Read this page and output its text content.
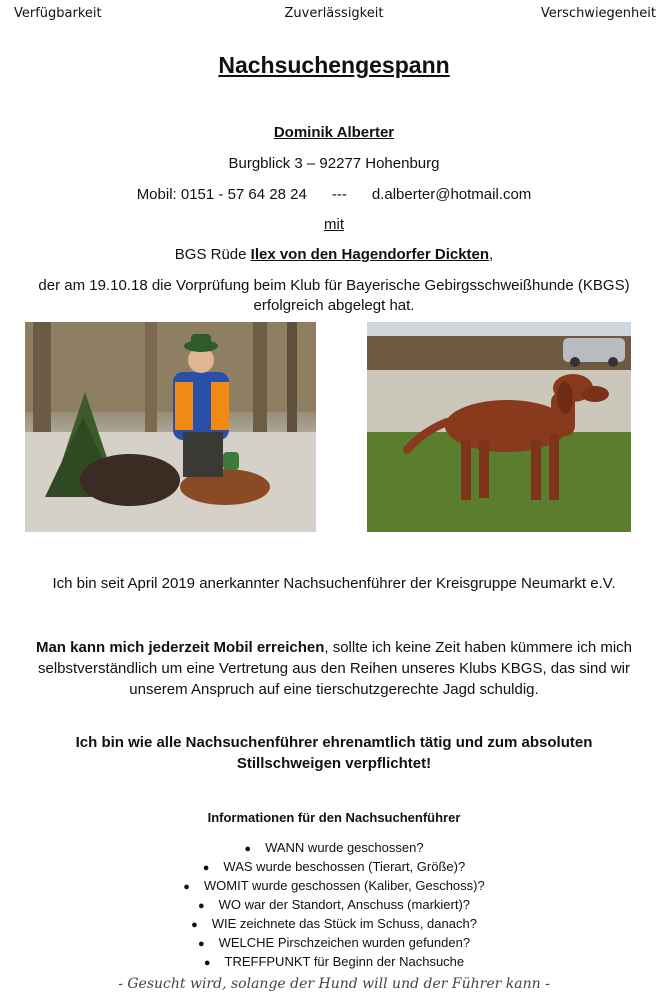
Verfügbarkeit	Zuverlässigkeit	Verschwiegenheit
Nachsuchengespann
Dominik Alberter
Burgblick 3 – 92277 Hohenburg
Mobil: 0151 - 57 64 28 24 --- d.alberter@hotmail.com
mit
BGS Rüde Ilex von den Hagendorfer Dickten,
der am 19.10.18 die Vorprüfung beim Klub für Bayerische Gebirgsschweißhunde (KBGS) erfolgreich abgelegt hat.
Ich bin seit April 2019 anerkannter Nachsuchenführer der Kreisgruppe Neumarkt e.V.
Man kann mich jederzeit Mobil erreichen, sollte ich keine Zeit haben kümmere ich mich selbstverständlich um eine Vertretung aus den Reihen unseres Klubs KBGS, das sind wir unserem Anspruch auf eine tierschutzgerechte Jagd schuldig.
Ich bin wie alle Nachsuchenführer ehrenamtlich tätig und zum absoluten Stillschweigen verpflichtet!
Informationen für den Nachsuchenführer
● WANN wurde geschossen?
● WAS wurde beschossen (Tierart, Größe)?
● WOMIT wurde geschossen (Kaliber, Geschoss)?
● WO war der Standort, Anschuss (markiert)?
● WIE zeichnete das Stück im Schuss, danach?
● WELCHE Pirschzeichen wurden gefunden?
● TREFFPUNKT für Beginn der Nachsuche
- Gesucht wird, solange der Hund will und der Führer kann -
